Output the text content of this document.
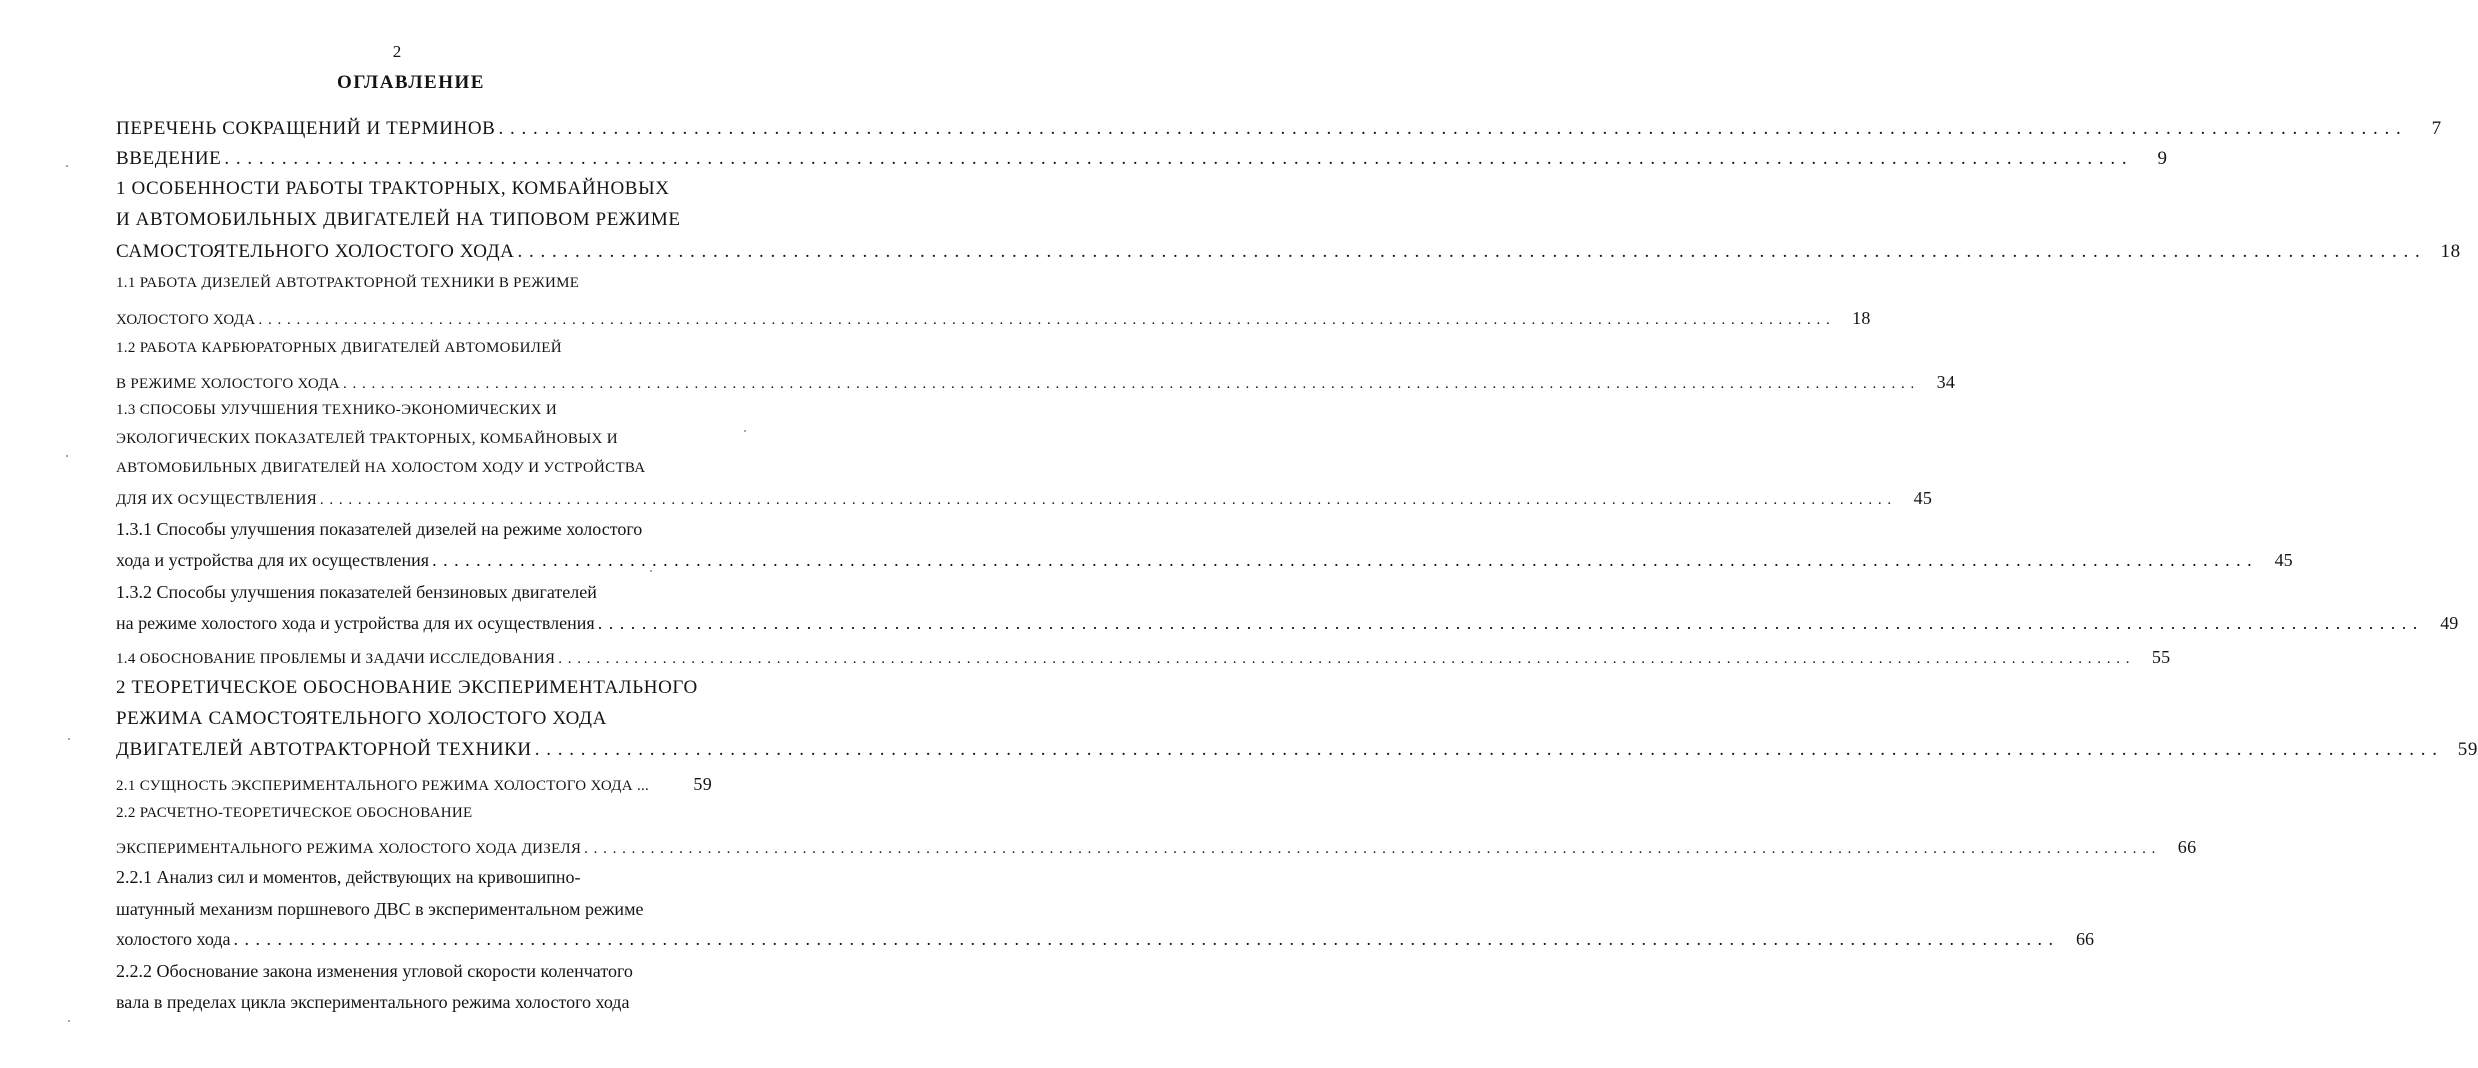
2
ОГЛАВЛЕНИЕ
ПЕРЕЧЕНЬ СОКРАЩЕНИЙ И ТЕРМИНОВ . . . . . . . . . . . . . . . . . . . . . . . . . . . . . . . . . . . . . . . . . . . . . . . . . . . . . . . . . . . . . . . . . . . . . . . . . . . . . . . . . . . . . . . . . . . . . . . . . . . . . . . . . . . . . . . . . . . . . . . . . . . . . . . . . . . . . . . . . . . . . . . . . . . . . . . . . . . . . . . . . . . . . .	7
ВВЕДЕНИЕ . . . . . . . . . . . . . . . . . . . . . . . . . . . . . . . . . . . . . . . . . . . . . . . . . . . . . . . . . . . . . . . . . . . . . . . . . . . . . . . . . . . . . . . . . . . . . . . . . . . . . . . . . . . . . . . . . . . . . . . . . . . . . . . . . . . . . . . . . . . . . . . . . . . . . . . . . . . . . . . . . . . . . .	9
1 ОСОБЕННОСТИ РАБОТЫ ТРАКТОРНЫХ, КОМБАЙНОВЫХ
И АВТОМОБИЛЬНЫХ ДВИГАТЕЛЕЙ НА ТИПОВОМ РЕЖИМЕ
САМОСТОЯТЕЛЬНОГО ХОЛОСТОГО ХОДА . . . . . . . . . . . . . . . . . . . . . . . . . . . . . . . . . . . . . . . . . . . . . . . . . . . . . . . . . . . . . . . . . . . . . . . . . . . . . . . . . . . . . . . . . . . . . . . . . . . . . . . . . . . . . . . . . . . . . . . . . . . . . . . . . . . . . . . . . . . . . . . . . . . . . . . . . . . . . . . . . . . . . .	18
1.1 РАБОТА ДИЗЕЛЕЙ АВТОТРАКТОРНОЙ ТЕХНИКИ В РЕЖИМЕ
ХОЛОСТОГО ХОДА . . . . . . . . . . . . . . . . . . . . . . . . . . . . . . . . . . . . . . . . . . . . . . . . . . . . . . . . . . . . . . . . . . . . . . . . . . . . . . . . . . . . . . . . . . . . . . . . . . . . . . . . . . . . . . . . . . . . . . . . . . . . . . . . . . . . . . . . . . . . . . . . . . . . . . . . . . . . . . . . . . . . . .	18
1.2 РАБОТА КАРБЮРАТОРНЫХ ДВИГАТЕЛЕЙ АВТОМОБИЛЕЙ
В РЕЖИМЕ ХОЛОСТОГО ХОДА . . . . . . . . . . . . . . . . . . . . . . . . . . . . . . . . . . . . . . . . . . . . . . . . . . . . . . . . . . . . . . . . . . . . . . . . . . . . . . . . . . . . . . . . . . . . . . . . . . . . . . . . . . . . . . . . . . . . . . . . . . . . . . . . . . . . . . . . . . . . . . . . . . . . . . . . . . . . . . . . . . . . . .	34
1.3 СПОСОБЫ УЛУЧШЕНИЯ ТЕХНИКО-ЭКОНОМИЧЕСКИХ И
ЭКОЛОГИЧЕСКИХ ПОКАЗАТЕЛЕЙ ТРАКТОРНЫХ, КОМБАЙНОВЫХ И
АВТОМОБИЛЬНЫХ ДВИГАТЕЛЕЙ НА ХОЛОСТОМ ХОДУ И УСТРОЙСТВА
ДЛЯ ИХ ОСУЩЕСТВЛЕНИЯ . . . . . . . . . . . . . . . . . . . . . . . . . . . . . . . . . . . . . . . . . . . . . . . . . . . . . . . . . . . . . . . . . . . . . . . . . . . . . . . . . . . . . . . . . . . . . . . . . . . . . . . . . . . . . . . . . . . . . . . . . . . . . . . . . . . . . . . . . . . . . . . . . . . . . . . . . . . . . . . . . . . . . .	45
1.3.1 Способы улучшения показателей дизелей на режиме холостого
хода и устройства для их осуществления . . . . . . . . . . . . . . . . . . . . . . . . . . . . . . . . . . . . . . . . . . . . . . . . . . . . . . . . . . . . . . . . . . . . . . . . . . . . . . . . . . . . . . . . . . . . . . . . . . . . . . . . . . . . . . . . . . . . . . . . . . . . . . . . . . . . . . . . . . . . . . . . . . . . . . . . . . . . . . . . . . . . . .	45
1.3.2 Способы улучшения показателей бензиновых двигателей
на режиме холостого хода и устройства для их осуществления . . . . . . . . . . . . . . . . . . . . . . . . . . . . . . . . . . . . . . . . . . . . . . . . . . . . . . . . . . . . . . . . . . . . . . . . . . . . . . . . . . . . . . . . . . . . . . . . . . . . . . . . . . . . . . . . . . . . . . . . . . . . . . . . . . . . . . . . . . . . . . . . . . . . . . . . . . . . . . . . . . . . . .	49
1.4 ОБОСНОВАНИЕ ПРОБЛЕМЫ И ЗАДАЧИ ИССЛЕДОВАНИЯ . . . . . . . . . . . . . . . . . . . . . . . . . . . . . . . . . . . . . . . . . . . . . . . . . . . . . . . . . . . . . . . . . . . . . . . . . . . . . . . . . . . . . . . . . . . . . . . . . . . . . . . . . . . . . . . . . . . . . . . . . . . . . . . . . . . . . . . . . . . . . . . . . . . . . . . . . . . . . . . . . . . . . .	55
2 ТЕОРЕТИЧЕСКОЕ ОБОСНОВАНИЕ ЭКСПЕРИМЕНТАЛЬНОГО
РЕЖИМА САМОСТОЯТЕЛЬНОГО ХОЛОСТОГО ХОДА
ДВИГАТЕЛЕЙ АВТОТРАКТОРНОЙ ТЕХНИКИ . . . . . . . . . . . . . . . . . . . . . . . . . . . . . . . . . . . . . . . . . . . . . . . . . . . . . . . . . . . . . . . . . . . . . . . . . . . . . . . . . . . . . . . . . . . . . . . . . . . . . . . . . . . . . . . . . . . . . . . . . . . . . . . . . . . . . . . . . . . . . . . . . . . . . . . . . . . . . . . . . . . . . .	59
2.1 СУЩНОСТЬ ЭКСПЕРИМЕНТАЛЬНОГО РЕЖИМА ХОЛОСТОГО ХОДА ...	59
2.2 РАСЧЕТНО-ТЕОРЕТИЧЕСКОЕ ОБОСНОВАНИЕ
ЭКСПЕРИМЕНТАЛЬНОГО РЕЖИМА ХОЛОСТОГО ХОДА ДИЗЕЛЯ . . . . . . . . . . . . . . . . . . . . . . . . . . . . . . . . . . . . . . . . . . . . . . . . . . . . . . . . . . . . . . . . . . . . . . . . . . . . . . . . . . . . . . . . . . . . . . . . . . . . . . . . . . . . . . . . . . . . . . . . . . . . . . . . . . . . . . . . . . . . . . . . . . . . . . . . . . . . . . . . . . . . . .	66
2.2.1 Анализ сил и моментов, действующих на кривошипно-
шатунный механизм поршневого ДВС в экспериментальном режиме
холостого хода . . . . . . . . . . . . . . . . . . . . . . . . . . . . . . . . . . . . . . . . . . . . . . . . . . . . . . . . . . . . . . . . . . . . . . . . . . . . . . . . . . . . . . . . . . . . . . . . . . . . . . . . . . . . . . . . . . . . . . . . . . . . . . . . . . . . . . . . . . . . . . . . . . . . . . . . . . . . . . . . . . . . . .	66
2.2.2 Обоснование закона изменения угловой скорости коленчатого
вала в пределах цикла экспериментального режима холостого хода
